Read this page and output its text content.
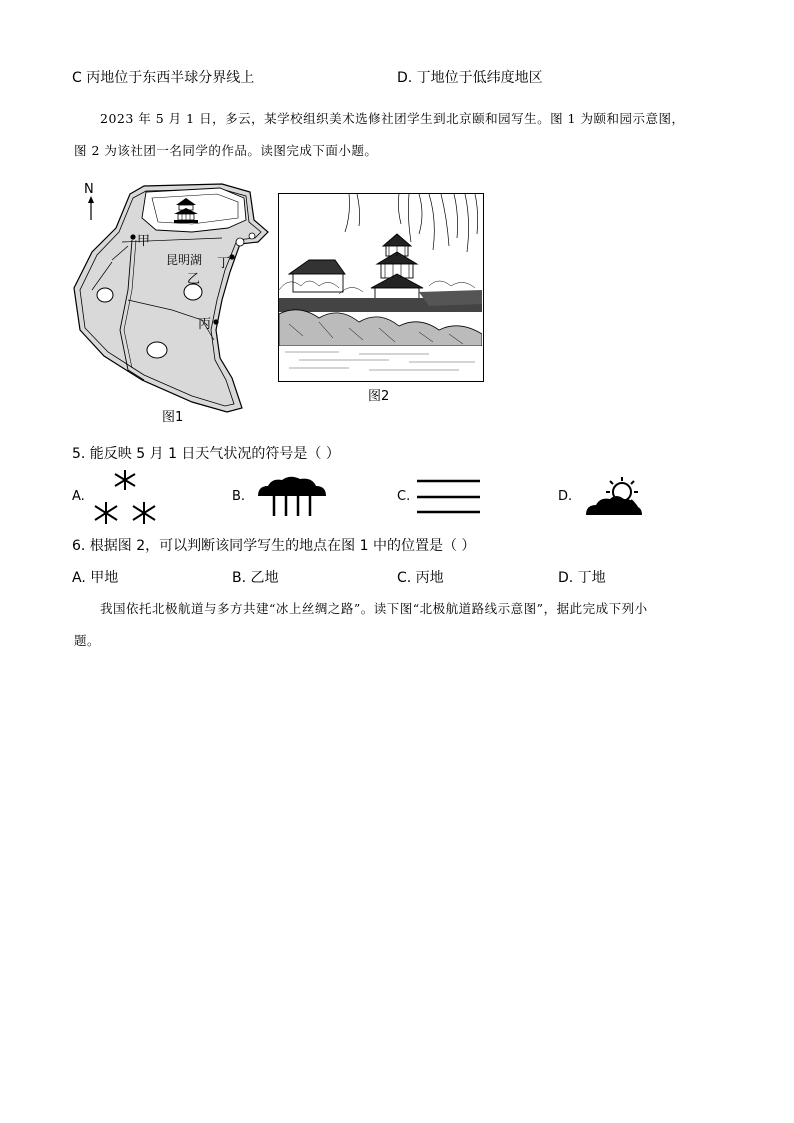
C 丙地位于东西半球分界线上	D. 丁地位于低纬度地区
2023 年 5 月 1 日，多云，某学校组织美术选修社团学生到北京颐和园写生。图 1 为颐和园示意图，
图 2 为该社团一名同学的作品。读图完成下面小题。
N
甲
昆明湖 丁
乙
丙
图1
图2
5. 能反映 5 月 1 日天气状况的符号是（ ）
A.	B.	C.	D.
6. 根据图 2，可以判断该同学写生的地点在图 1 中的位置是（ ）
A. 甲地	B. 乙地	C. 丙地	D. 丁地
我国依托北极航道与多方共建“冰上丝绸之路”。读下图“北极航道路线示意图”，据此完成下列小
题。
